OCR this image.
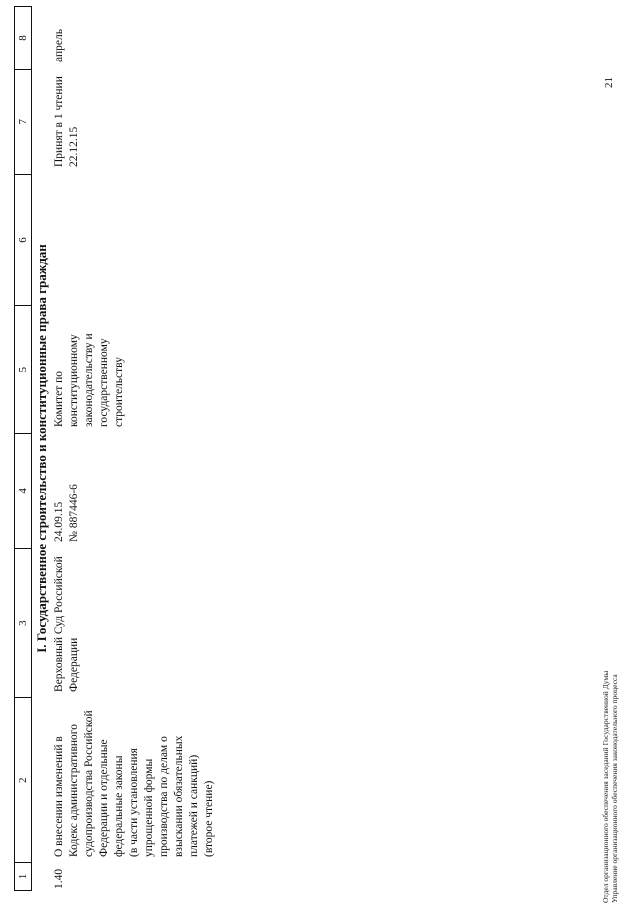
1
2
3
4
5
6
7
8
I. Государственное строительство и конституционные права граждан
1.40
О внесении изменений в Кодекс административного судопроизводства Российской Федерации и отдельные федеральные законы
(в части установления упрощенной формы производства по делам о взыскании обязательных платежей и санкций)
(второе чтение)
Верховный Суд Российской Федерации
24.09.15
№ 887446-6
Комитет по конституционному законодательству и государственному строительству
Принят в 1 чтении
22.12.15
апрель
21
Отдел организационного обеспечения заседаний Государственной Думы
Управление организационного обеспечения законодательного процесса
